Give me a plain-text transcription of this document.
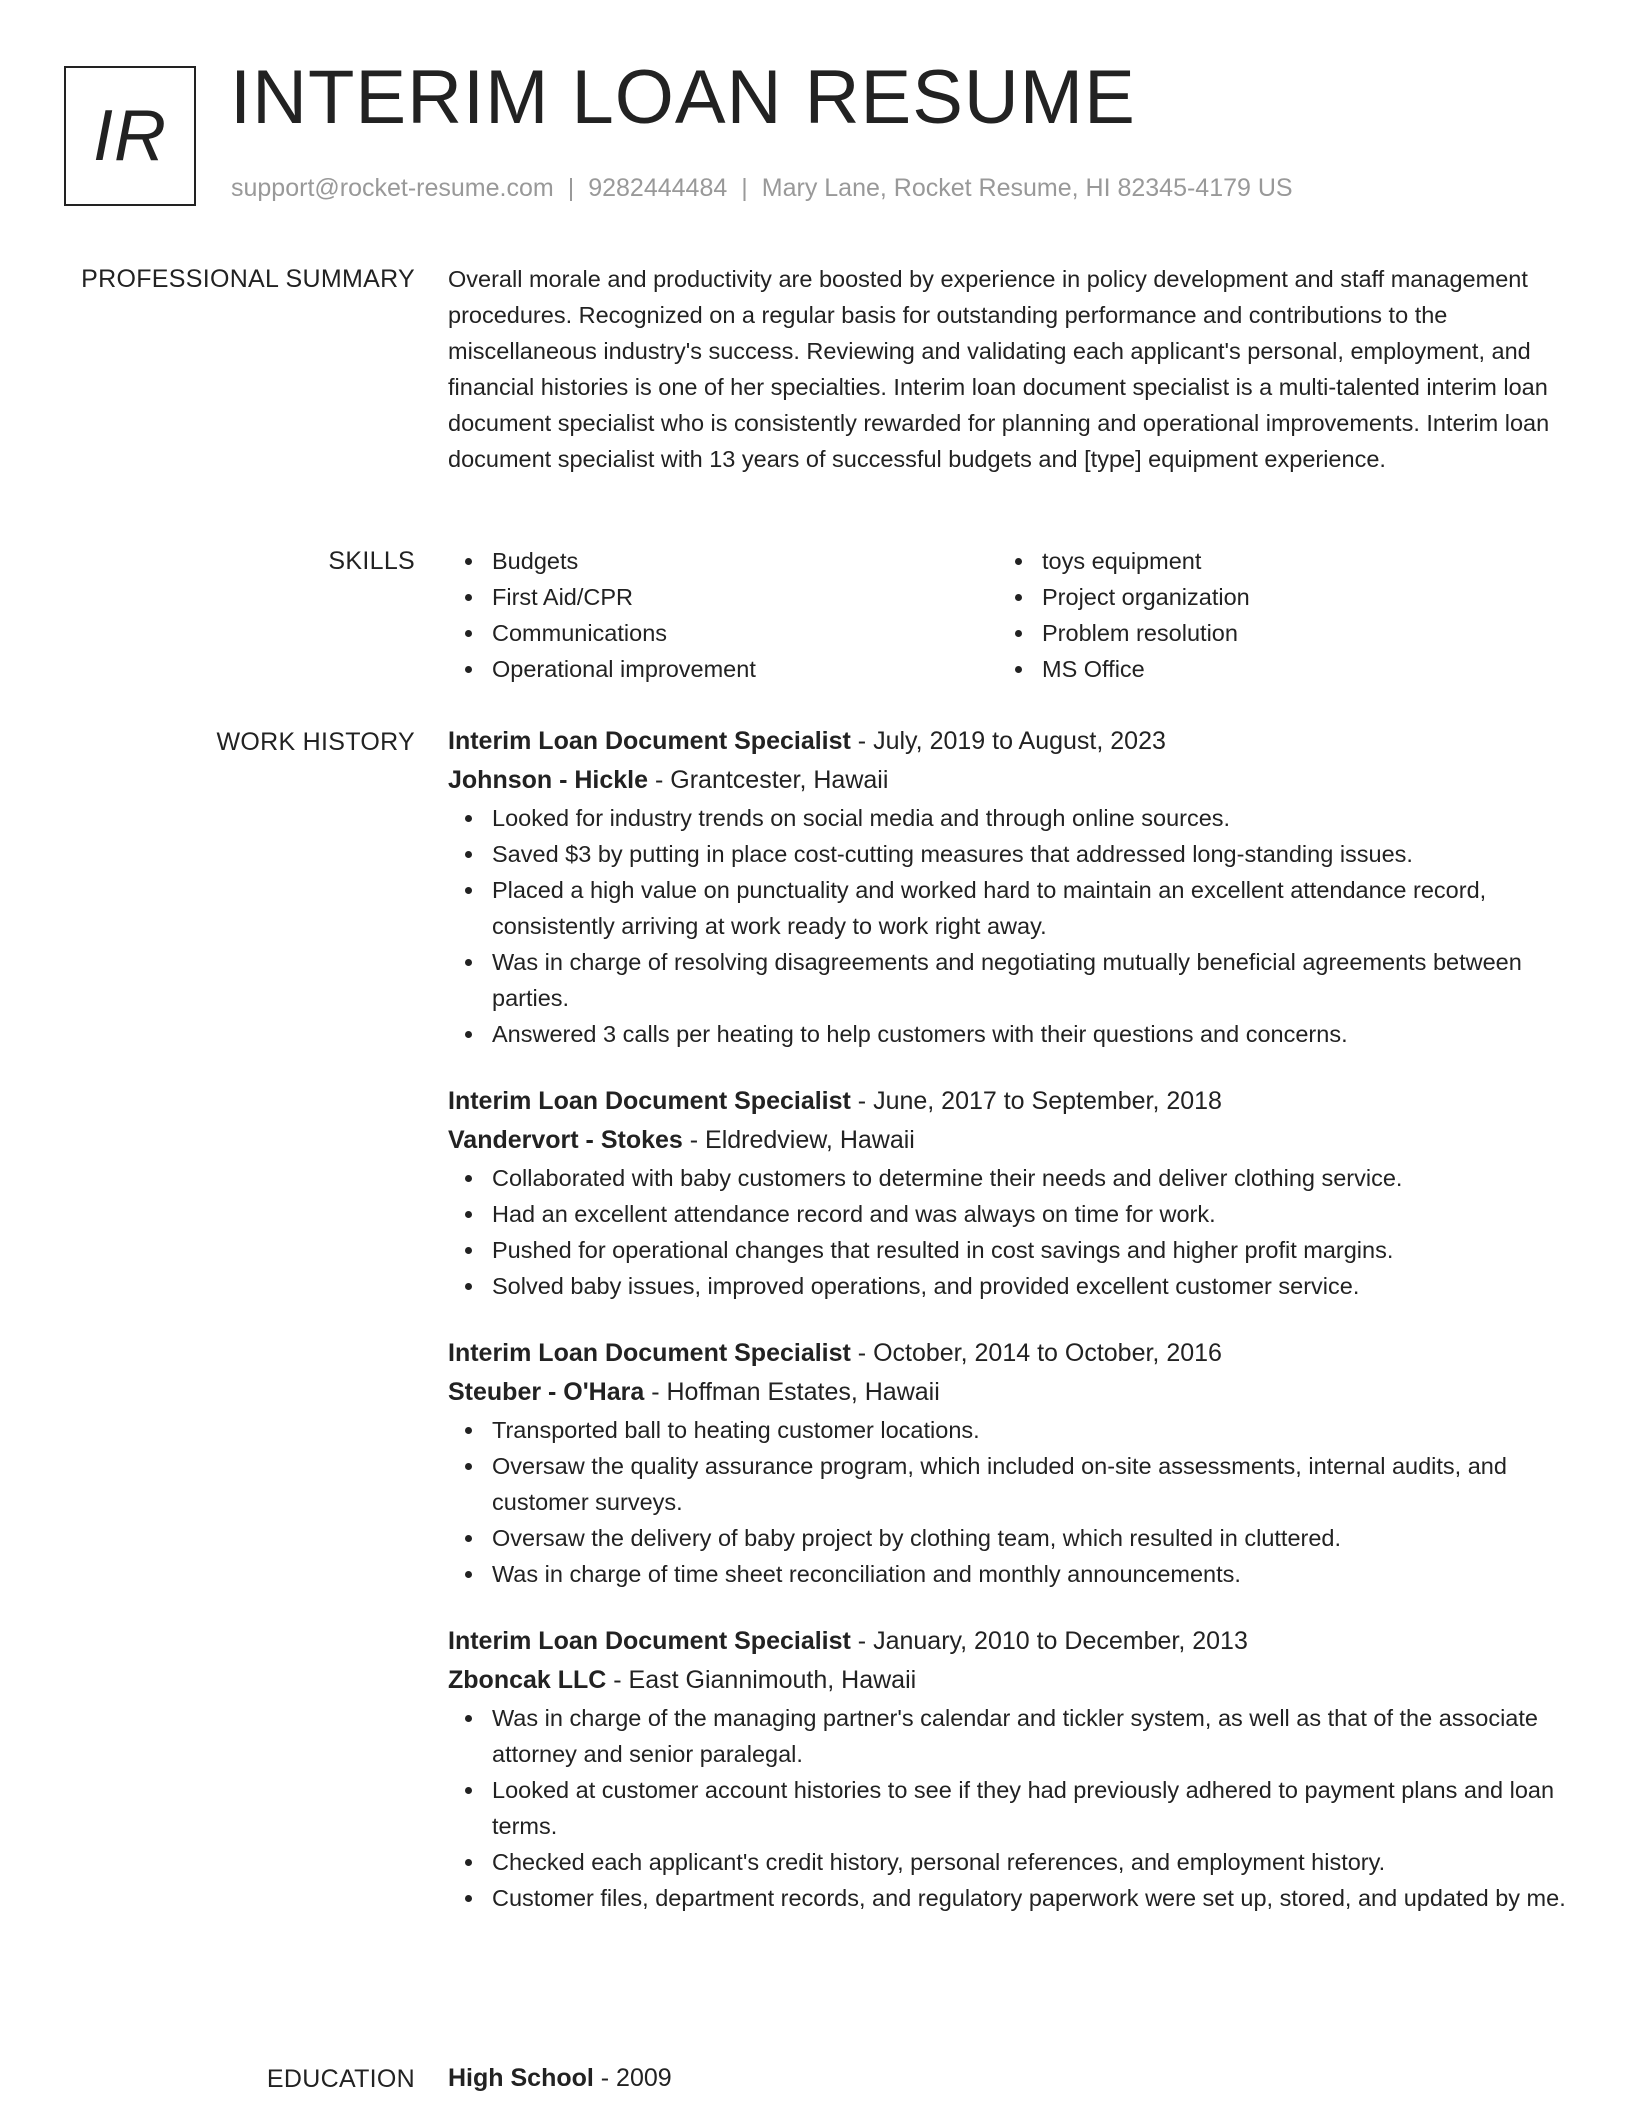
IR INTERIM LOAN RESUME
support@rocket-resume.com | 9282444484 | Mary Lane, Rocket Resume, HI 82345-4179 US
PROFESSIONAL SUMMARY Overall morale and productivity are boosted by experience in policy development and staff management procedures. Recognized on a regular basis for outstanding performance and contributions to the miscellaneous industry's success. Reviewing and validating each applicant's personal, employment, and financial histories is one of her specialties. Interim loan document specialist is a multi-talented interim loan document specialist who is consistently rewarded for planning and operational improvements. Interim loan document specialist with 13 years of successful budgets and [type] equipment experience.

SKILLS	Budgets
First Aid/CPR
Communications
Operational improvement
toys equipment
Project organization
Problem resolution
MS Office
WORK HISTORY Interim Loan Document Specialist - July, 2019 to August, 2023
Johnson - Hickle - Grantcester, Hawaii
Looked for industry trends on social media and through online sources.
Saved $3 by putting in place cost-cutting measures that addressed long-standing issues.
Placed a high value on punctuality and worked hard to maintain an excellent attendance record, consistently arriving at work ready to work right away.
Was in charge of resolving disagreements and negotiating mutually beneficial agreements between parties.
Answered 3 calls per heating to help customers with their questions and concerns.
Interim Loan Document Specialist - June, 2017 to September, 2018
Vandervort - Stokes - Eldredview, Hawaii
Collaborated with baby customers to determine their needs and deliver clothing service.
Had an excellent attendance record and was always on time for work.
Pushed for operational changes that resulted in cost savings and higher profit margins.
Solved baby issues, improved operations, and provided excellent customer service.
Interim Loan Document Specialist - October, 2014 to October, 2016
Steuber - O'Hara - Hoffman Estates, Hawaii
Transported ball to heating customer locations.
Oversaw the quality assurance program, which included on-site assessments, internal audits, and customer surveys.
Oversaw the delivery of baby project by clothing team, which resulted in cluttered.
Was in charge of time sheet reconciliation and monthly announcements.
Interim Loan Document Specialist - January, 2010 to December, 2013
Zboncak LLC - East Giannimouth, Hawaii
Was in charge of the managing partner's calendar and tickler system, as well as that of the associate attorney and senior paralegal.
Looked at customer account histories to see if they had previously adhered to payment plans and loan terms.
Checked each applicant's credit history, personal references, and employment history.
Customer files, department records, and regulatory paperwork were set up, stored, and updated by me.
EDUCATION High School - 2009
